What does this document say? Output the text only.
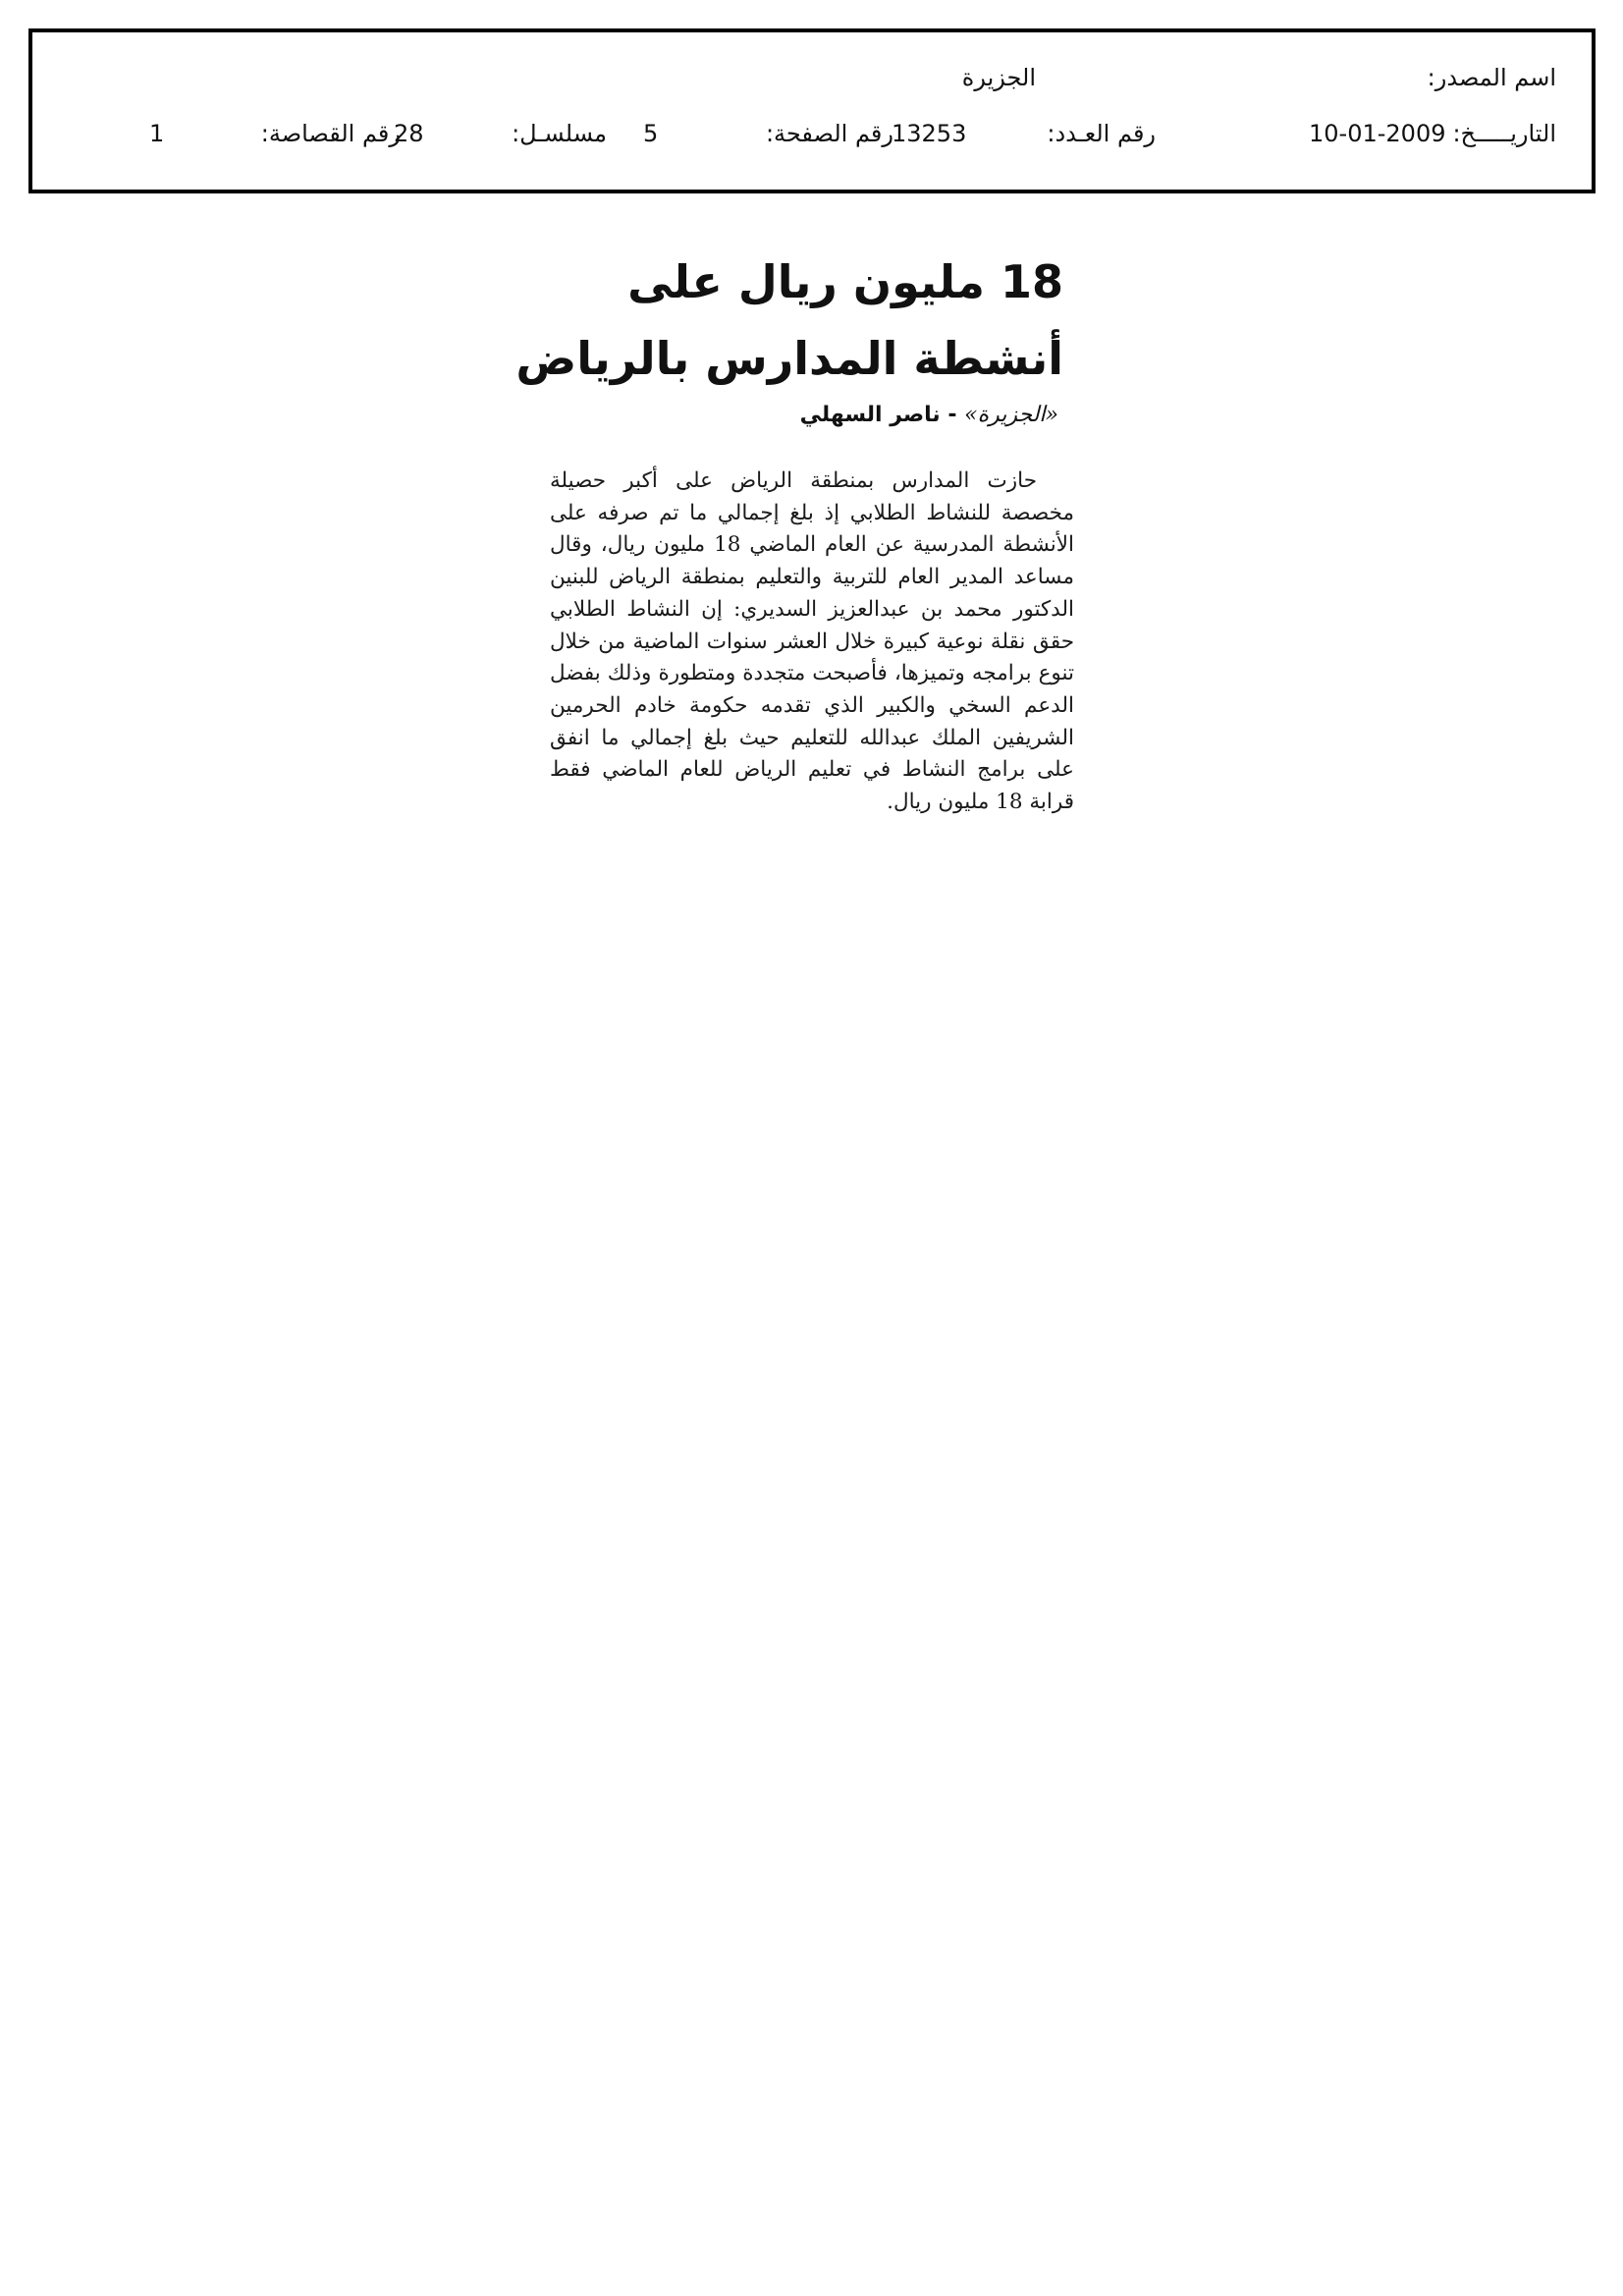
اسم المصدر:
الجزيرة
التاريـــــخ:
10-01-2009
رقم العـدد:
13253
رقم الصفحة:
5
مسلسـل:
28
رقم القصاصة:
1
18 مليون ريال على
أنشطة المدارس بالرياض
«الجزيرة» - ناصر السهلي
حازت المدارس بمنطقة الرياض على أكبر حصيلة مخصصة للنشاط الطلابي إذ بلغ إجمالي ما تم صرفه على الأنشطة المدرسية عن العام الماضي 18 مليون ريال، وقال مساعد المدير العام للتربية والتعليم بمنطقة الرياض للبنين الدكتور محمد بن عبدالعزيز السديري: إن النشاط الطلابي حقق نقلة نوعية كبيرة خلال العشر سنوات الماضية من خلال تنوع برامجه وتميزها، فأصبحت متجددة ومتطورة وذلك بفضل الدعم السخي والكبير الذي تقدمه حكومة خادم الحرمين الشريفين الملك عبدالله للتعليم حيث بلغ إجمالي ما انفق على برامج النشاط في تعليم الرياض للعام الماضي فقط قرابة 18 مليون ريال.
